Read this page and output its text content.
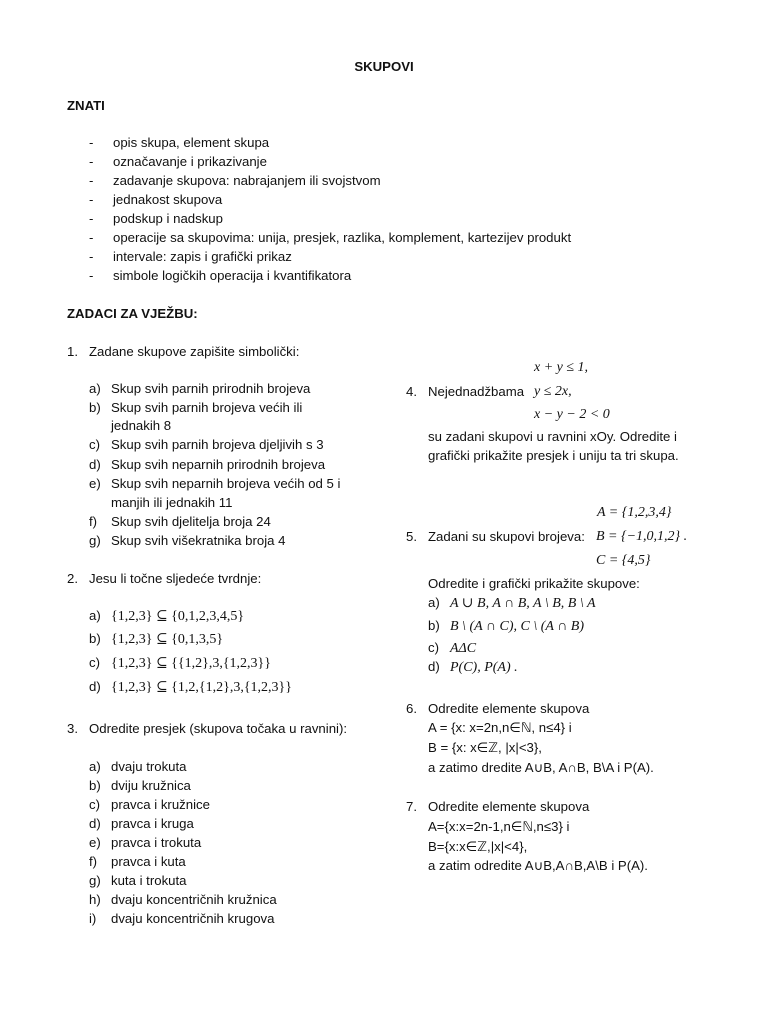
SKUPOVI
ZNATI
- opis skupa, element skupa
- označavanje i prikazivanje
- zadavanje skupova: nabrajanjem ili svojstvom
- jednakost skupova
- podskup i nadskup
- operacije sa skupovima: unija, presjek, razlika, komplement, kartezijev produkt
- intervale: zapis i grafički prikaz
- simbole logičkih operacija i kvantifikatora
ZADACI ZA VJEŽBU:
1. Zadane skupove zapišite simbolički:
a) Skup svih parnih prirodnih brojeva
b) Skup svih parnih brojeva većih ili
jednakih 8
c) Skup svih parnih brojeva djeljivih s 3
d) Skup svih neparnih prirodnih brojeva
e) Skup svih neparnih brojeva većih od 5 i
manjih ili jednakih 11
f) Skup svih djelitelja broja 24
g) Skup svih višekratnika broja 4
2. Jesu li točne sljedeće tvrdnje:
a) {1,2,3} ⊆ {0,1,2,3,4,5}
b) {1,2,3} ⊆ {0,1,3,5}
c) {1,2,3} ⊆ {{1,2},3,{1,2,3}}
d) {1,2,3} ⊆ {1,2,{1,2},3,{1,2,3}}
3. Odredite presjek (skupova točaka u ravnini):
a) dvaju trokuta
b) dviju kružnica
c) pravca i kružnice
d) pravca i kruga
e) pravca i trokuta
f) pravca i kuta
g) kuta i trokuta
h) dvaju koncentričnih kružnica
i) dvaju koncentričnih krugova
x + y ≤ 1,
4. Nejednadžbama y ≤ 2x,
x − y − 2 < 0
su zadani skupovi u ravnini xOy. Odredite i
grafički prikažite presjek i uniju ta tri skupa.
A = {1,2,3,4}
5. Zadani su skupovi brojeva: B = {−1,0,1,2} .
C = {4,5}
Odredite i grafički prikažite skupove:
a) A ∪ B, A ∩ B, A \ B, B \ A
b) B \ (A ∩ C), C \ (A ∩ B)
c) AΔC
d) P(C), P(A) .
6. Odredite elemente skupova
A = {x: x=2n,n∈ℕ, n≤4} i
B = {x: x∈ℤ, |x|<3},
a zatimo dredite A∪B, A∩B, B\A i P(A).
7. Odredite elemente skupova
A={x:x=2n-1,n∈ℕ,n≤3} i
B={x:x∈ℤ,|x|<4},
a zatim odredite A∪B,A∩B,A\B i P(A).
